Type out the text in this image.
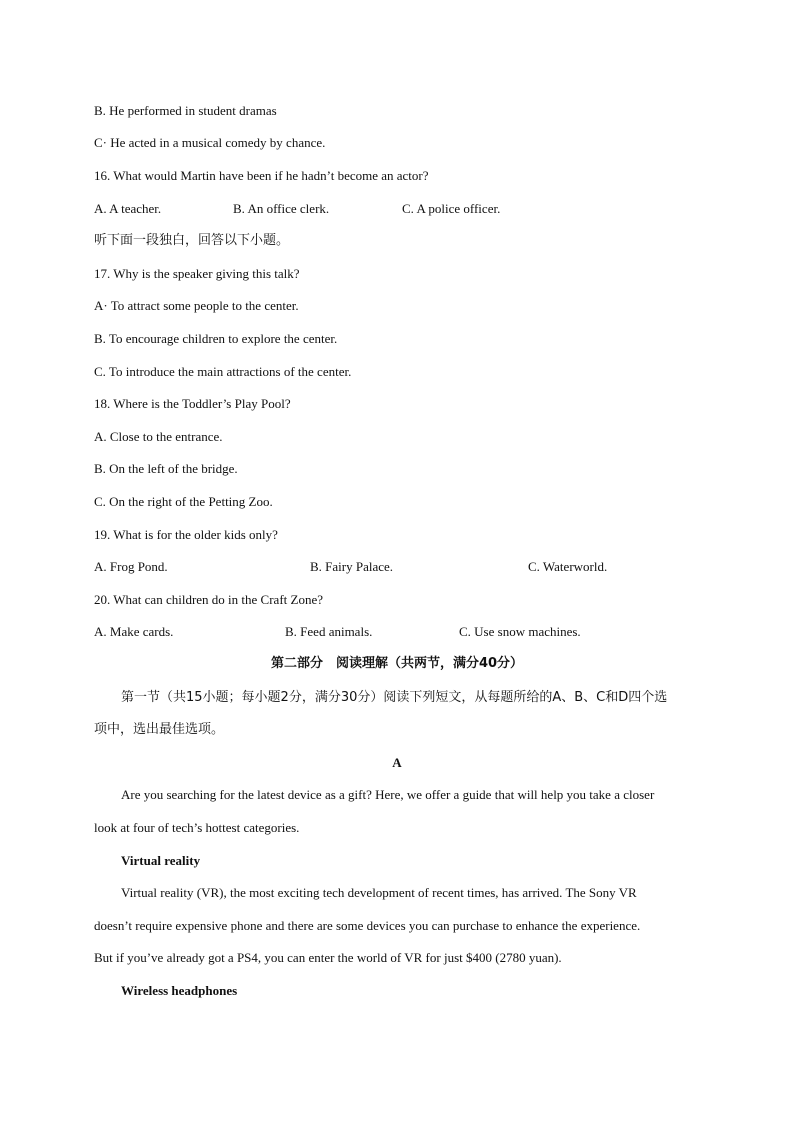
B. He performed in student dramas
C· He acted in a musical comedy by chance.
16. What would Martin have been if he hadn’t become an actor?
A. A teacher.	B. An office clerk.	C. A police officer.
听下面一段独白，回答以下小题。
17. Why is the speaker giving this talk?
A· To attract some people to the center.
B. To encourage children to explore the center.
C. To introduce the main attractions of the center.
18. Where is the Toddler’s Play Pool?
A. Close to the entrance.
B. On the left of the bridge.
C. On the right of the Petting Zoo.
19. What is for the older kids only?
A. Frog Pond.	B. Fairy Palace.	C. Waterworld.
20. What can children do in the Craft Zone?
A. Make cards.	B. Feed animals.	C. Use snow machines.
第二部分　阅读理解（共两节，满分40分）
第一节（共15小题；每小题2分，满分30分）阅读下列短文，从每题所给的A、B、C和D四个选
项中，选出最佳选项。
A
Are you searching for the latest device as a gift? Here, we offer a guide that will help you take a closer
look at four of tech’s hottest categories.
Virtual reality
Virtual reality (VR), the most exciting tech development of recent times, has arrived. The Sony VR
doesn’t require expensive phone and there are some devices you can purchase to enhance the experience.
But if you’ve already got a PS4, you can enter the world of VR for just $400 (2780 yuan).
Wireless headphones
